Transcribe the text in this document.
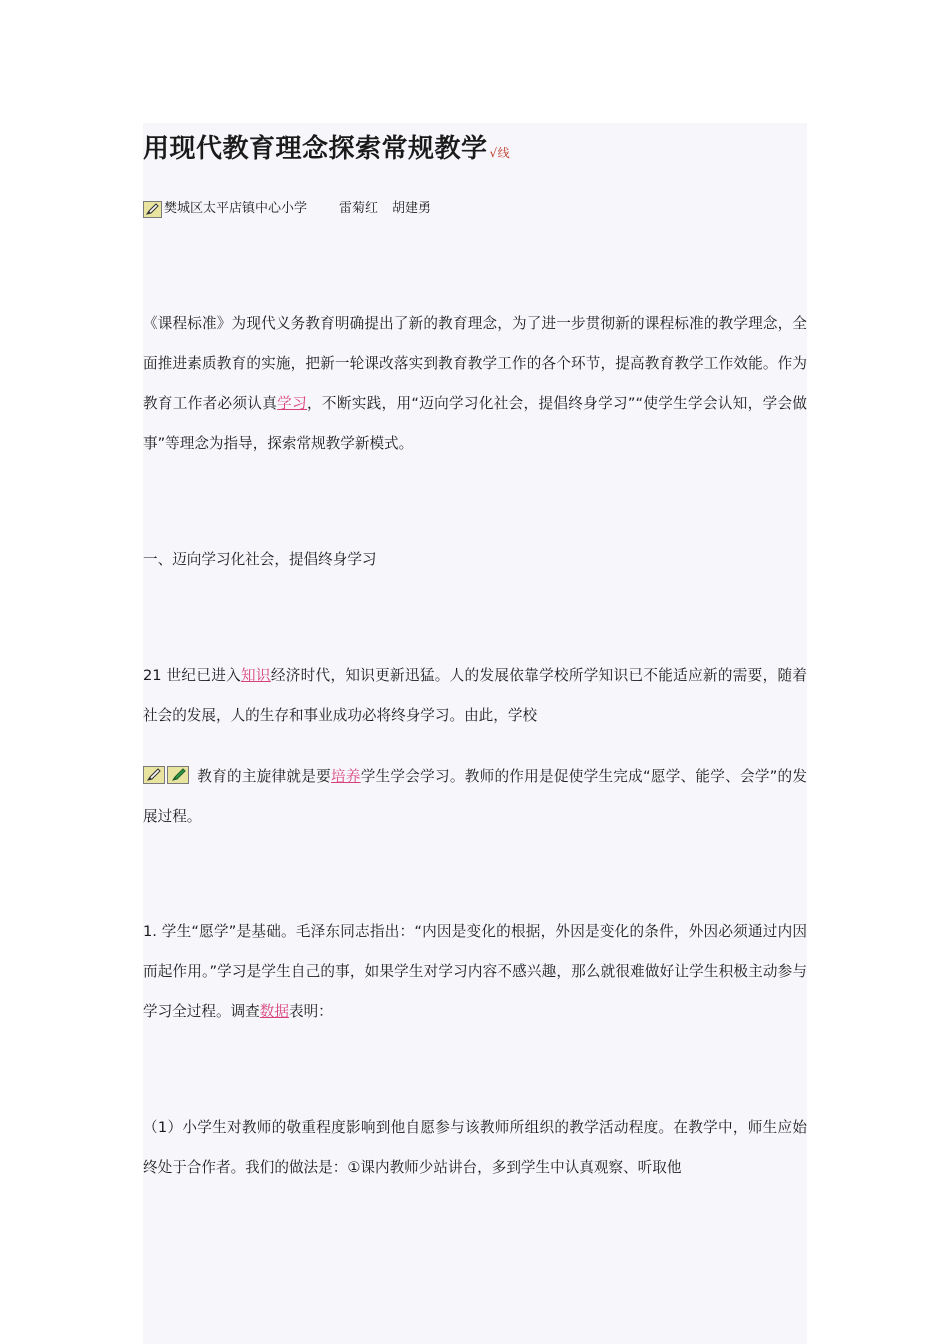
用现代教育理念探索常规教学 √线
樊城区太平店镇中心小学 雷菊红 胡建勇
《课程标准》为现代义务教育明确提出了新的教育理念，为了进一步贯彻新的课程标准的教学理念，全面推进素质教育的实施，把新一轮课改落实到教育教学工作的各个环节，提高教育教学工作效能。作为教育工作者必须认真学习，不断实践，用“迈向学习化社会，提倡终身学习”“使学生学会认知，学会做事”等理念为指导，探索常规教学新模式。
一、迈向学习化社会，提倡终身学习
21 世纪已进入知识经济时代，知识更新迅猛。人的发展依靠学校所学知识已不能适应新的需要，随着社会的发展，人的生存和事业成功必将终身学习。由此，学校
教育的主旋律就是要培养学生学会学习。教师的作用是促使学生完成“愿学、能学、会学”的发展过程。
1. 学生“愿学”是基础。毛泽东同志指出：“内因是变化的根据，外因是变化的条件，外因必须通过内因而起作用。”学习是学生自己的事，如果学生对学习内容不感兴趣，那么就很难做好让学生积极主动参与学习全过程。调查数据表明：
（1）小学生对教师的敬重程度影响到他自愿参与该教师所组织的教学活动程度。在教学中，师生应始终处于合作者。我们的做法是：①课内教师少站讲台，多到学生中认真观察、听取他
